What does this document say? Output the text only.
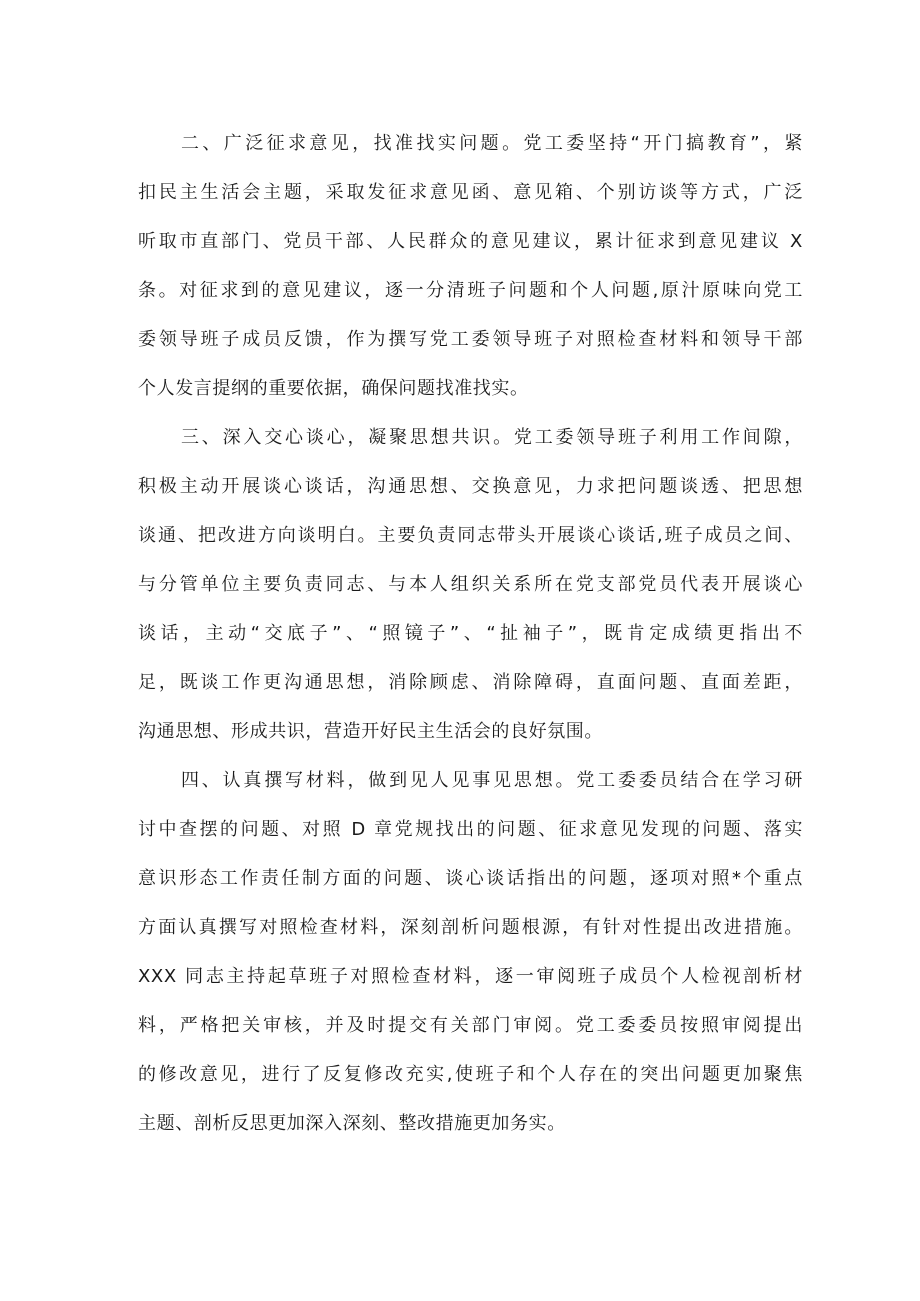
二、广泛征求意见，找准找实问题。党工委坚持“开门搞教育”，紧
扣民主生活会主题，采取发征求意见函、意见箱、个别访谈等方式，广泛
听取市直部门、党员干部、人民群众的意见建议，累计征求到意见建议 X
条。对征求到的意见建议，逐一分清班子问题和个人问题,原汁原味向党工
委领导班子成员反馈，作为撰写党工委领导班子对照检查材料和领导干部
个人发言提纲的重要依据，确保问题找准找实。
三、深入交心谈心，凝聚思想共识。党工委领导班子利用工作间隙，
积极主动开展谈心谈话，沟通思想、交换意见，力求把问题谈透、把思想
谈通、把改进方向谈明白。主要负责同志带头开展谈心谈话,班子成员之间、
与分管单位主要负责同志、与本人组织关系所在党支部党员代表开展谈心
谈话，主动“交底子”、“照镜子”、“扯袖子”，既肯定成绩更指出不
足，既谈工作更沟通思想，消除顾虑、消除障碍，直面问题、直面差距，
沟通思想、形成共识，营造开好民主生活会的良好氛围。
四、认真撰写材料，做到见人见事见思想。党工委委员结合在学习研
讨中查摆的问题、对照 D 章党规找出的问题、征求意见发现的问题、落实
意识形态工作责任制方面的问题、谈心谈话指出的问题，逐项对照*个重点
方面认真撰写对照检查材料，深刻剖析问题根源，有针对性提出改进措施。
XXX 同志主持起草班子对照检查材料，逐一审阅班子成员个人检视剖析材
料，严格把关审核，并及时提交有关部门审阅。党工委委员按照审阅提出
的修改意见，进行了反复修改充实,使班子和个人存在的突出问题更加聚焦
主题、剖析反思更加深入深刻、整改措施更加务实。
